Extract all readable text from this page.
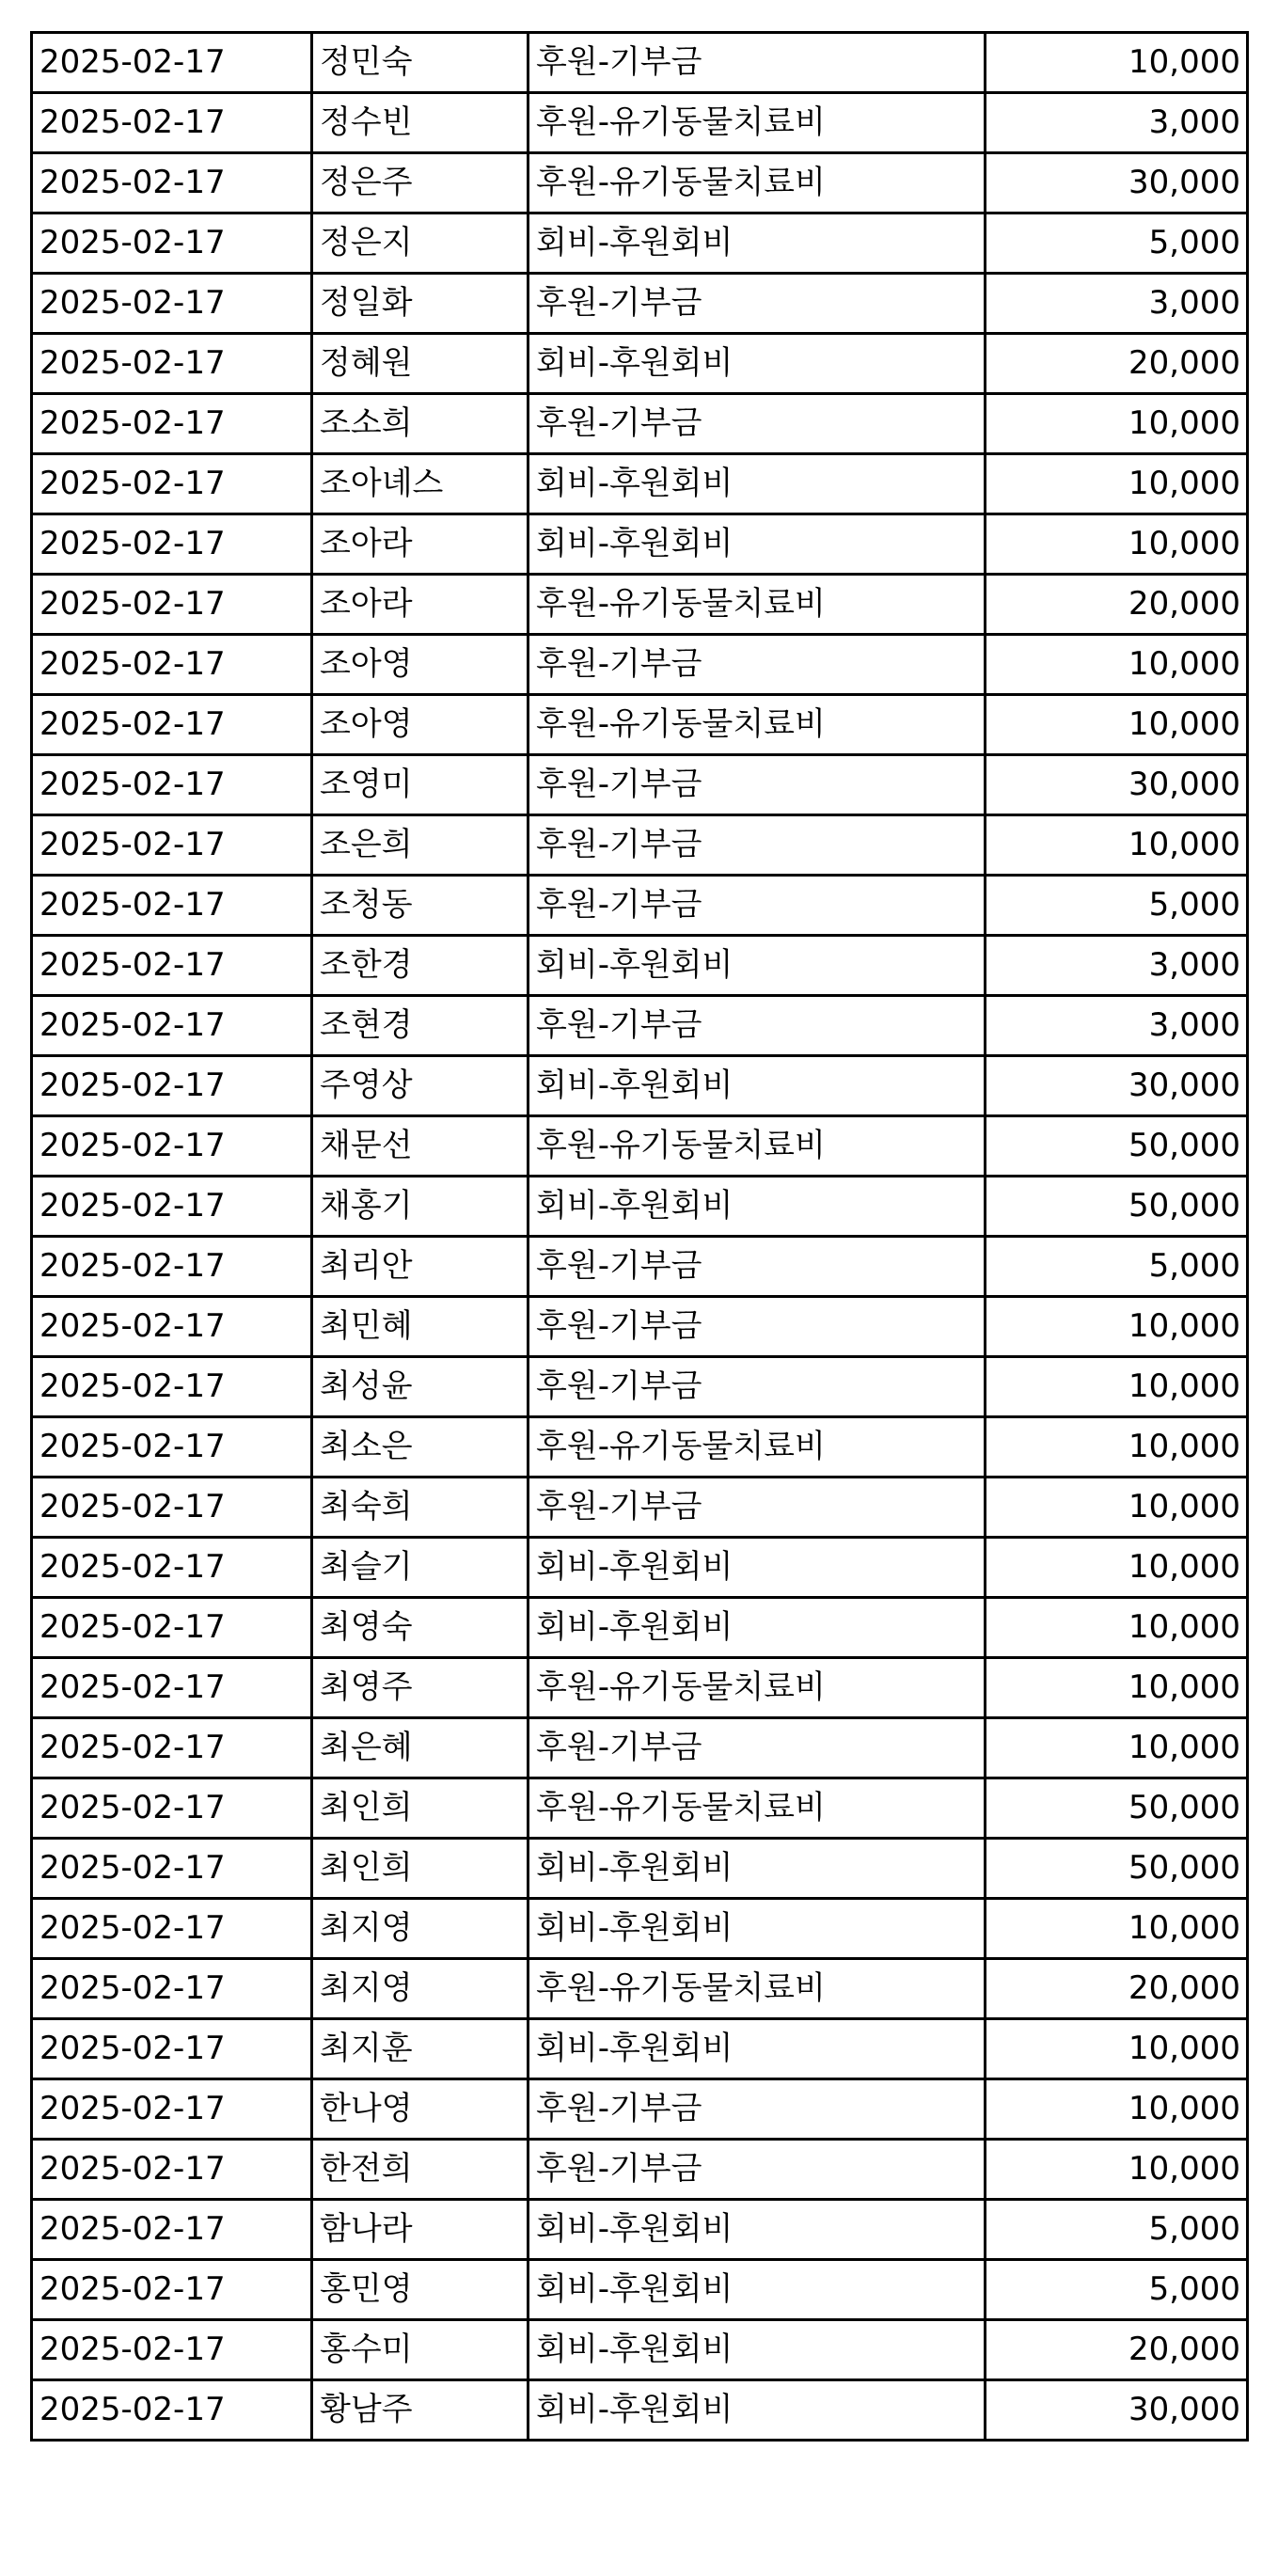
2025-02-17	정민숙	후원-기부금	10,000
2025-02-17	정수빈	후원-유기동물치료비	3,000
2025-02-17	정은주	후원-유기동물치료비	30,000
2025-02-17	정은지	회비-후원회비	5,000
2025-02-17	정일화	후원-기부금	3,000
2025-02-17	정혜원	회비-후원회비	20,000
2025-02-17	조소희	후원-기부금	10,000
2025-02-17	조아녜스	회비-후원회비	10,000
2025-02-17	조아라	회비-후원회비	10,000
2025-02-17	조아라	후원-유기동물치료비	20,000
2025-02-17	조아영	후원-기부금	10,000
2025-02-17	조아영	후원-유기동물치료비	10,000
2025-02-17	조영미	후원-기부금	30,000
2025-02-17	조은희	후원-기부금	10,000
2025-02-17	조청동	후원-기부금	5,000
2025-02-17	조한경	회비-후원회비	3,000
2025-02-17	조현경	후원-기부금	3,000
2025-02-17	주영상	회비-후원회비	30,000
2025-02-17	채문선	후원-유기동물치료비	50,000
2025-02-17	채홍기	회비-후원회비	50,000
2025-02-17	최리안	후원-기부금	5,000
2025-02-17	최민혜	후원-기부금	10,000
2025-02-17	최성윤	후원-기부금	10,000
2025-02-17	최소은	후원-유기동물치료비	10,000
2025-02-17	최숙희	후원-기부금	10,000
2025-02-17	최슬기	회비-후원회비	10,000
2025-02-17	최영숙	회비-후원회비	10,000
2025-02-17	최영주	후원-유기동물치료비	10,000
2025-02-17	최은혜	후원-기부금	10,000
2025-02-17	최인희	후원-유기동물치료비	50,000
2025-02-17	최인희	회비-후원회비	50,000
2025-02-17	최지영	회비-후원회비	10,000
2025-02-17	최지영	후원-유기동물치료비	20,000
2025-02-17	최지훈	회비-후원회비	10,000
2025-02-17	한나영	후원-기부금	10,000
2025-02-17	한전희	후원-기부금	10,000
2025-02-17	함나라	회비-후원회비	5,000
2025-02-17	홍민영	회비-후원회비	5,000
2025-02-17	홍수미	회비-후원회비	20,000
2025-02-17	황남주	회비-후원회비	30,000
